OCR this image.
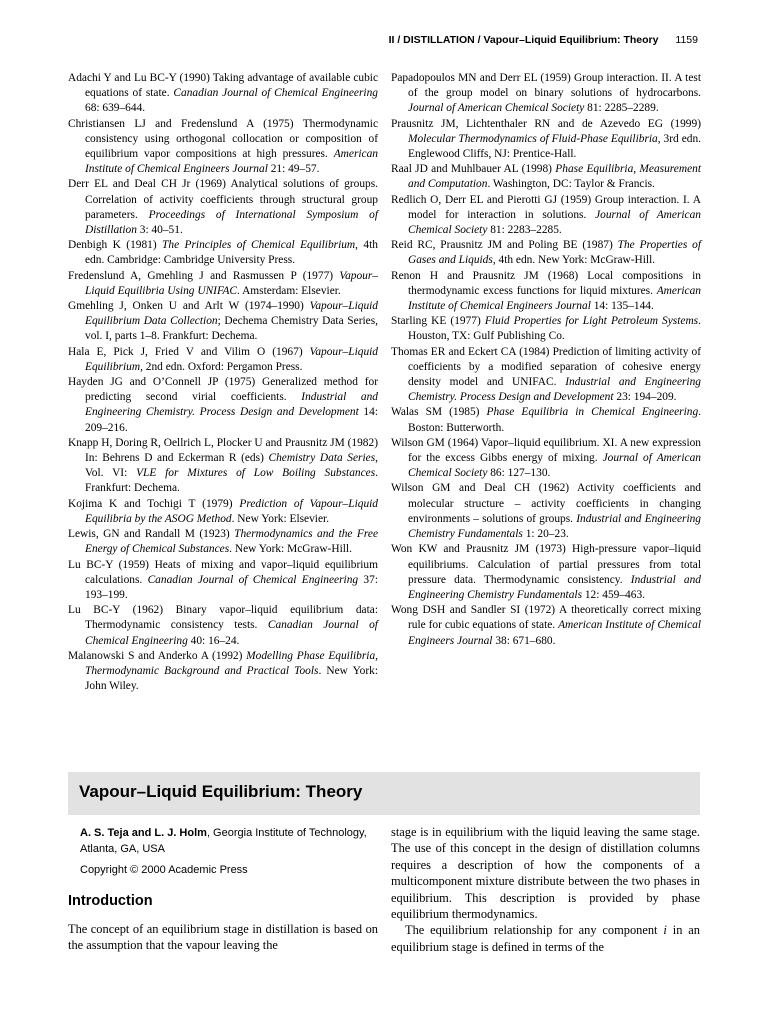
II / DISTILLATION / Vapour–Liquid Equilibrium: Theory 1159

Adachi Y and Lu BC-Y (1990) Taking advantage of available cubic equations of state. Canadian Journal of Chemical Engineering 68: 639–644.

Christiansen LJ and Fredenslund A (1975) Thermodynamic consistency using orthogonal collocation or composition of equilibrium vapor compositions at high pressures. American Institute of Chemical Engineers Journal 21: 49–57.

Derr EL and Deal CH Jr (1969) Analytical solutions of groups. Correlation of activity coefficients through structural group parameters. Proceedings of International Symposium of Distillation 3: 40–51.

Denbigh K (1981) The Principles of Chemical Equilibrium, 4th edn. Cambridge: Cambridge University Press.

Fredenslund A, Gmehling J and Rasmussen P (1977) Vapour–Liquid Equilibria Using UNIFAC. Amsterdam: Elsevier.

Gmehling J, Onken U and Arlt W (1974–1990) Vapour–Liquid Equilibrium Data Collection; Dechema Chemistry Data Series, vol. I, parts 1–8. Frankfurt: Dechema.

Hala E, Pick J, Fried V and Vilim O (1967) Vapour–Liquid Equilibrium, 2nd edn. Oxford: Pergamon Press.

Hayden JG and O’Connell JP (1975) Generalized method for predicting second virial coefficients. Industrial and Engineering Chemistry. Process Design and Development 14: 209–216.

Knapp H, Doring R, Oellrich L, Plocker U and Prausnitz JM (1982) In: Behrens D and Eckerman R (eds) Chemistry Data Series, Vol. VI: VLE for Mixtures of Low Boiling Substances. Frankfurt: Dechema.

Kojima K and Tochigi T (1979) Prediction of Vapour–Liquid Equilibria by the ASOG Method. New York: Elsevier.

Lewis, GN and Randall M (1923) Thermodynamics and the Free Energy of Chemical Substances. New York: McGraw-Hill.

Lu BC-Y (1959) Heats of mixing and vapor–liquid equilibrium calculations. Canadian Journal of Chemical Engineering 37: 193–199.

Lu BC-Y (1962) Binary vapor–liquid equilibrium data: Thermodynamic consistency tests. Canadian Journal of Chemical Engineering 40: 16–24.

Malanowski S and Anderko A (1992) Modelling Phase Equilibria, Thermodynamic Background and Practical Tools. New York: John Wiley.

Papadopoulos MN and Derr EL (1959) Group interaction. II. A test of the group model on binary solutions of hydrocarbons. Journal of American Chemical Society 81: 2285–2289.

Prausnitz JM, Lichtenthaler RN and de Azevedo EG (1999) Molecular Thermodynamics of Fluid-Phase Equilibria, 3rd edn. Englewood Cliffs, NJ: Prentice-Hall.

Raal JD and Muhlbauer AL (1998) Phase Equilibria, Measurement and Computation. Washington, DC: Taylor & Francis.

Redlich O, Derr EL and Pierotti GJ (1959) Group interaction. I. A model for interaction in solutions. Journal of American Chemical Society 81: 2283–2285.

Reid RC, Prausnitz JM and Poling BE (1987) The Properties of Gases and Liquids, 4th edn. New York: McGraw-Hill.

Renon H and Prausnitz JM (1968) Local compositions in thermodynamic excess functions for liquid mixtures. American Institute of Chemical Engineers Journal 14: 135–144.

Starling KE (1977) Fluid Properties for Light Petroleum Systems. Houston, TX: Gulf Publishing Co.

Thomas ER and Eckert CA (1984) Prediction of limiting activity of coefficients by a modified separation of cohesive energy density model and UNIFAC. Industrial and Engineering Chemistry. Process Design and Development 23: 194–209.

Walas SM (1985) Phase Equilibria in Chemical Engineering. Boston: Butterworth.

Wilson GM (1964) Vapor–liquid equilibrium. XI. A new expression for the excess Gibbs energy of mixing. Journal of American Chemical Society 86: 127–130.

Wilson GM and Deal CH (1962) Activity coefficients and molecular structure – activity coefficients in changing environments – solutions of groups. Industrial and Engineering Chemistry Fundamentals 1: 20–23.

Won KW and Prausnitz JM (1973) High-pressure vapor–liquid equilibriums. Calculation of partial pressures from total pressure data. Thermodynamic consistency. Industrial and Engineering Chemistry Fundamentals 12: 459–463.

Wong DSH and Sandler SI (1972) A theoretically correct mixing rule for cubic equations of state. American Institute of Chemical Engineers Journal 38: 671–680.

Vapour–Liquid Equilibrium: Theory
A. S. Teja and L. J. Holm, Georgia Institute of Technology, Atlanta, GA, USA
Copyright © 2000 Academic Press
Introduction

The concept of an equilibrium stage in distillation is based on the assumption that the vapour leaving the

stage is in equilibrium with the liquid leaving the same stage. The use of this concept in the design of distillation columns requires a description of how the components of a multicomponent mixture distribute between the two phases in equilibrium. This description is provided by phase equilibrium thermodynamics.

The equilibrium relationship for any component i in an equilibrium stage is defined in terms of the
